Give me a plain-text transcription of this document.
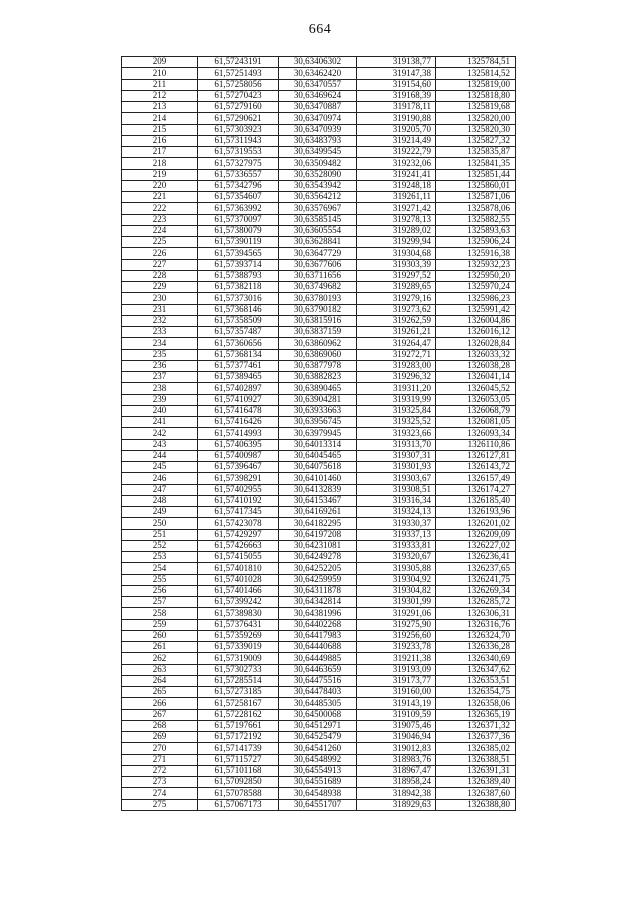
664
209	61,57243191	30,63406302	319138,77	1325784,51
210	61,57251493	30,63462420	319147,38	1325814,52
211	61,57258056	30,63470557	319154,60	1325819,00
212	61,57270423	30,63469624	319168,39	1325818,80
213	61,57279160	30,63470887	319178,11	1325819,68
214	61,57290621	30,63470974	319190,88	1325820,00
215	61,57303923	30,63470939	319205,70	1325820,30
216	61,57311943	30,63483793	319214,49	1325827,32
217	61,57319553	30,63499545	319222,79	1325835,87
218	61,57327975	30,63509482	319232,06	1325841,35
219	61,57336557	30,63528090	319241,41	1325851,44
220	61,57342796	30,63543942	319248,18	1325860,01
221	61,57354607	30,63564212	319261,11	1325871,06
222	61,57363992	30,63576967	319271,42	1325878,06
223	61,57370097	30,63585145	319278,13	1325882,55
224	61,57380079	30,63605554	319289,02	1325893,63
225	61,57390119	30,63628841	319299,94	1325906,24
226	61,57394565	30,63647729	319304,68	1325916,38
227	61,57393714	30,63677606	319303,39	1325932,23
228	61,57388793	30,63711656	319297,52	1325950,20
229	61,57382118	30,63749682	319289,65	1325970,24
230	61,57373016	30,63780193	319279,16	1325986,23
231	61,57368146	30,63790182	319273,62	1325991,42
232	61,57358509	30,63815916	319262,59	1326004,86
233	61,57357487	30,63837159	319261,21	1326016,12
234	61,57360656	30,63860962	319264,47	1326028,84
235	61,57368134	30,63869060	319272,71	1326033,32
236	61,57377461	30,63877978	319283,00	1326038,28
237	61,57389465	30,63882823	319296,32	1326041,14
238	61,57402897	30,63890465	319311,20	1326045,52
239	61,57410927	30,63904281	319319,99	1326053,05
240	61,57416478	30,63933663	319325,84	1326068,79
241	61,57416426	30,63956745	319325,52	1326081,05
242	61,57414993	30,63979945	319323,66	1326093,34
243	61,57406395	30,64013314	319313,70	1326110,86
244	61,57400987	30,64045465	319307,31	1326127,81
245	61,57396467	30,64075618	319301,93	1326143,72
246	61,57398291	30,64101460	319303,67	1326157,49
247	61,57402955	30,64132839	319308,51	1326174,27
248	61,57410192	30,64153467	319316,34	1326185,40
249	61,57417345	30,64169261	319324,13	1326193,96
250	61,57423078	30,64182295	319330,37	1326201,02
251	61,57429297	30,64197208	319337,13	1326209,09
252	61,57426663	30,64231081	319333,81	1326227,02
253	61,57415055	30,64249278	319320,67	1326236,41
254	61,57401810	30,64252205	319305,88	1326237,65
255	61,57401028	30,64259959	319304,92	1326241,75
256	61,57401466	30,64311878	319304,82	1326269,34
257	61,57399242	30,64342814	319301,99	1326285,72
258	61,57389830	30,64381996	319291,06	1326306,31
259	61,57376431	30,64402268	319275,90	1326316,76
260	61,57359269	30,64417983	319256,60	1326324,70
261	61,57339019	30,64440688	319233,78	1326336,28
262	61,57319009	30,64449885	319211,38	1326340,69
263	61,57302733	30,64463659	319193,09	1326347,62
264	61,57285514	30,64475516	319173,77	1326353,51
265	61,57273185	30,64478403	319160,00	1326354,75
266	61,57258167	30,64485305	319143,19	1326358,06
267	61,57228162	30,64500068	319109,59	1326365,19
268	61,57197661	30,64512971	319075,46	1326371,32
269	61,57172192	30,64525479	319046,94	1326377,36
270	61,57141739	30,64541260	319012,83	1326385,02
271	61,57115727	30,64548992	318983,76	1326388,51
272	61,57101168	30,64554913	318967,47	1326391,31
273	61,57092850	30,64551689	318958,24	1326389,40
274	61,57078588	30,64548938	318942,38	1326387,60
275	61,57067173	30,64551707	318929,63	1326388,80
